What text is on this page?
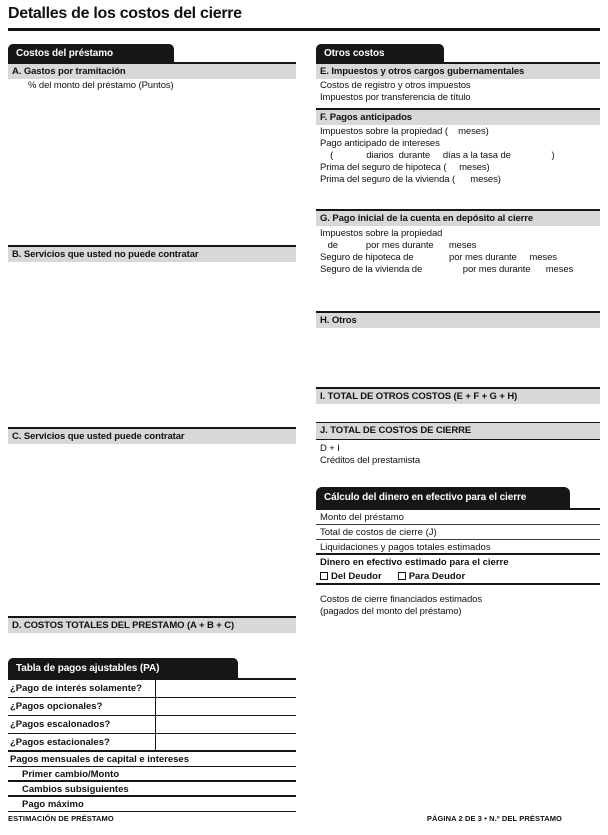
Detalles de los costos del cierre
Costos del préstamo
A. Gastos por tramitación
% del monto del préstamo (Puntos)
B. Servicios que usted no puede contratar
C. Servicios que usted puede contratar
D. COSTOS TOTALES DEL PRESTAMO (A + B + C)
Tabla de pagos ajustables (PA)
¿Pago de interés solamente?
¿Pagos opcionales?
¿Pagos escalonados?
¿Pagos estacionales?
Pagos mensuales de capital e intereses
Primer cambio/Monto
Cambios subsiguientes
Pago máximo
ESTIMACIÓN DE PRÉSTAMO
Otros costos
E. Impuestos y otros cargos gubernamentales
Costos de registro y otros impuestos
Impuestos por transferencia de título
F. Pagos anticipados
Impuestos sobre la propiedad (    meses)
Pago anticipado de intereses
(             diarios  durante     días a la tasa de                )
Prima del seguro de hipoteca (     meses)
Prima del seguro de la vivienda (      meses)
G. Pago inicial de la cuenta en depósito al cierre
Impuestos sobre la propiedad
de           por mes durante      meses
Seguro de hipoteca de              por mes durante     meses
Seguro de la vivienda de                por mes durante      meses
H. Otros
I. TOTAL DE OTROS COSTOS (E + F + G + H)
J. TOTAL DE COSTOS DE CIERRE
D + I
Créditos del prestamista
Cálculo del dinero en efectivo para el cierre
Monto del préstamo
Total de costos de cierre (J)
Liquidaciones y pagos totales estimados
Dinero en efectivo estimado para el cierre
Del Deudor	Para Deudor
Costos de cierre financiados estimados
(pagados del monto del préstamo)
PÁGINA 2 DE 3 • N.º DEL PRÉSTAMO
